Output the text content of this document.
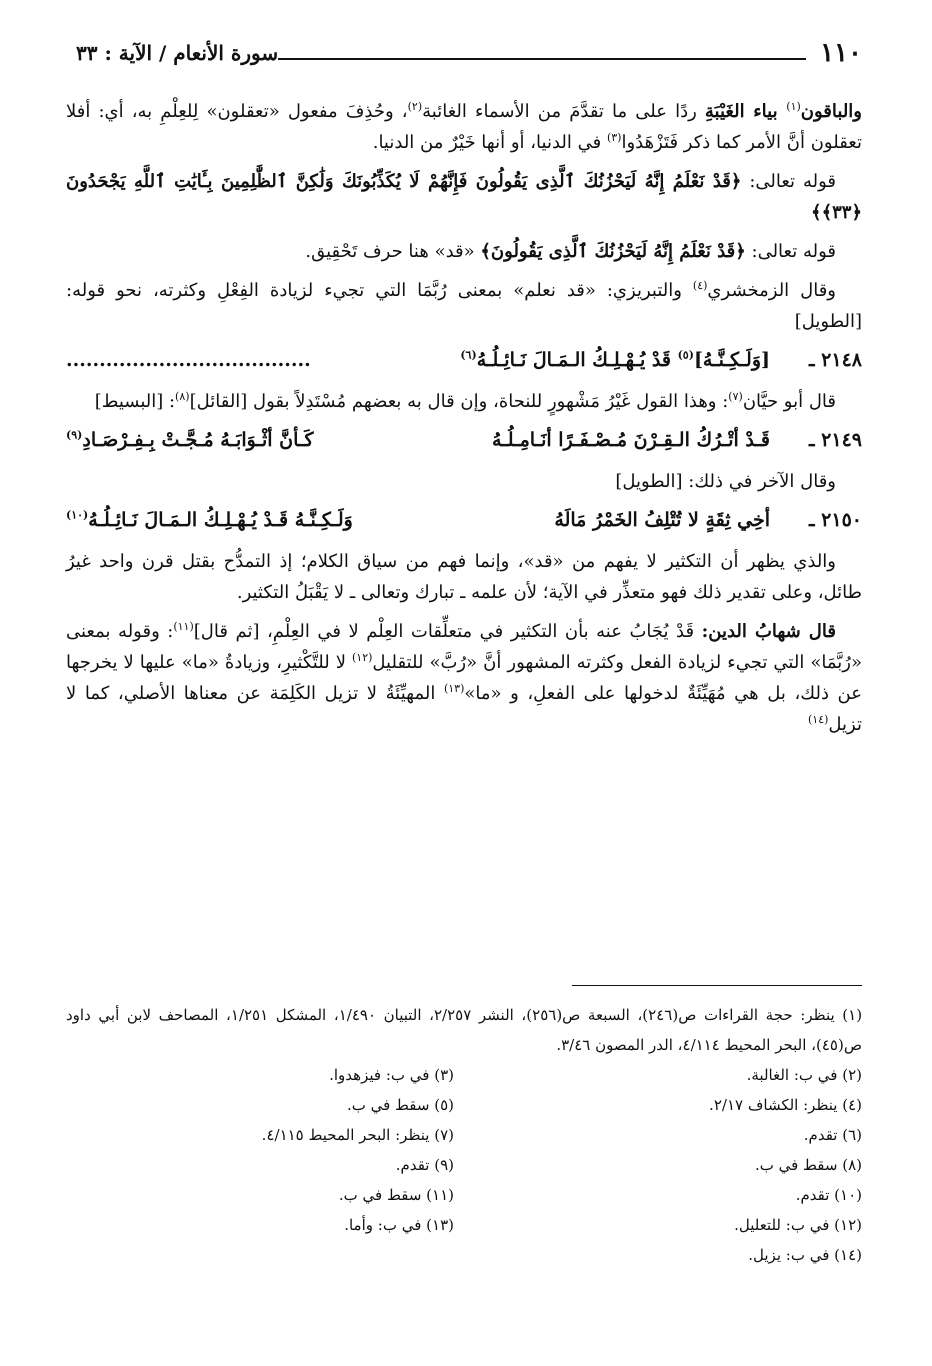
١١٠
سورة الأنعام / الآية : ٣٣

والباقون$^{(١)}$ بياء الغَيْبَةِ ردًا على ما تقدَّمَ من الأسماء الغائبة$^{(٢)}$، وحُذِفَ مفعول «تعقلون» لِلعِلْمِ به، أي: أفلا تعقلون أنَّ الأمر كما ذكر فَتَزْهَدُوا$^{(٣)}$ في الدنيا، أو أنها خَيْرٌ من الدنيا.

قوله تعالى: ﴿قَدْ نَعْلَمُ إِنَّهُ لَيَحْزُنُكَ ٱلَّذِى يَقُولُونَ فَإِنَّهُمْ لَا يُكَذِّبُونَكَ وَلَٰكِنَّ ٱلظَّٰلِمِينَ بِـَٔايَٰتِ ٱللَّهِ يَجْحَدُونَ ﴿٣٣﴾﴾

قوله تعالى: ﴿قَدْ نَعْلَمُ إِنَّهُ لَيَحْزُنُكَ ٱلَّذِى يَقُولُونَ﴾ «قد» هنا حرف تَحْقِيق.

وقال الزمخشري$^{(٤)}$ والتبريزي: «قد نعلم» بمعنى رُبَّمَا التي تجيء لزيادة الفِعْلِ وكثرته، نحو قوله: [الطويل]

٢١٤٨ ـ
[وَلَـكِـنَّـهُ]$^{(٥)}$ قَدْ يُـهْـلِـكُ الـمَـالَ نَـائِـلُـهُ$^{(٦)}$
.....................................

قال أبو حيَّان$^{(٧)}$: وهذا القول غَيْرُ مَشْهورٍ للنحاة، وإن قال به بعضهم مُسْتَدِلاً بقول [القائل]$^{(٨)}$: [البسيط]

٢١٤٩ ـ
قَـدْ أتْـرُكُ الـقِـرْنَ مُـصْـفَـرًا أنَـامِـلُـهُ
كَـأنَّ أثْـوَابَـهُ مُـجَّـتْ بِـفِـرْصَـادِ$^{(٩)}$

وقال الآخر في ذلك: [الطويل]

٢١٥٠ ـ
أخِي ثِقَةٍ لا تُتْلِفُ الخَمْرُ مَالَهُ
وَلَـكِـنَّـهُ قَـدْ يُـهْـلِـكُ الـمَـالَ نَـائِـلُـهُ$^{(١٠)}$

والذي يظهر أن التكثير لا يفهم من «قد»، وإنما فهم من سياق الكلام؛ إذ التمدُّح بقتل قرن واحد غيرُ طائل، وعلى تقدير ذلك فهو متعذِّر في الآية؛ لأن علمه ـ تبارك وتعالى ـ لا يَقْبَلُ التكثير.

قال شهابُ الدين: قَدْ يُجَابُ عنه بأن التكثير في متعلِّقات العِلْم لا في العِلْمِ، [ثم قال]$^{(١١)}$: وقوله بمعنى «رُبَّمَا» التي تجيء لزيادة الفعل وكثرته المشهور أنَّ «رُبَّ» للتقليل$^{(١٢)}$ لا للتَّكْثيرِ، وزيادةُ «ما» عليها لا يخرجها عن ذلك، بل هي مُهَيِّئَةٌ لدخولها على الفعلِ، و «ما»$^{(١٣)}$ المهيِّئَةُ لا تزيل الكَلِمَة عن معناها الأصلي، كما لا تزيل$^{(١٤)}$

(١) ينظر: حجة القراءات ص(٢٤٦)، السبعة ص(٢٥٦)، النشر ٢/٢٥٧، التبيان ١/٤٩٠، المشكل ١/٢٥١، المصاحف لابن أبي داود ص(٤٥)، البحر المحيط ٤/١١٤، الدر المصون ٣/٤٦.
(٢) في ب: الغالبة.
(٣) في ب: فيزهدوا.
(٤) ينظر: الكشاف ٢/١٧.
(٥) سقط في ب.
(٦) تقدم.
(٧) ينظر: البحر المحيط ٤/١١٥.
(٨) سقط في ب.
(٩) تقدم.
(١٠) تقدم.
(١١) سقط في ب.
(١٢) في ب: للتعليل.
(١٣) في ب: وأما.
(١٤) في ب: يزيل.
